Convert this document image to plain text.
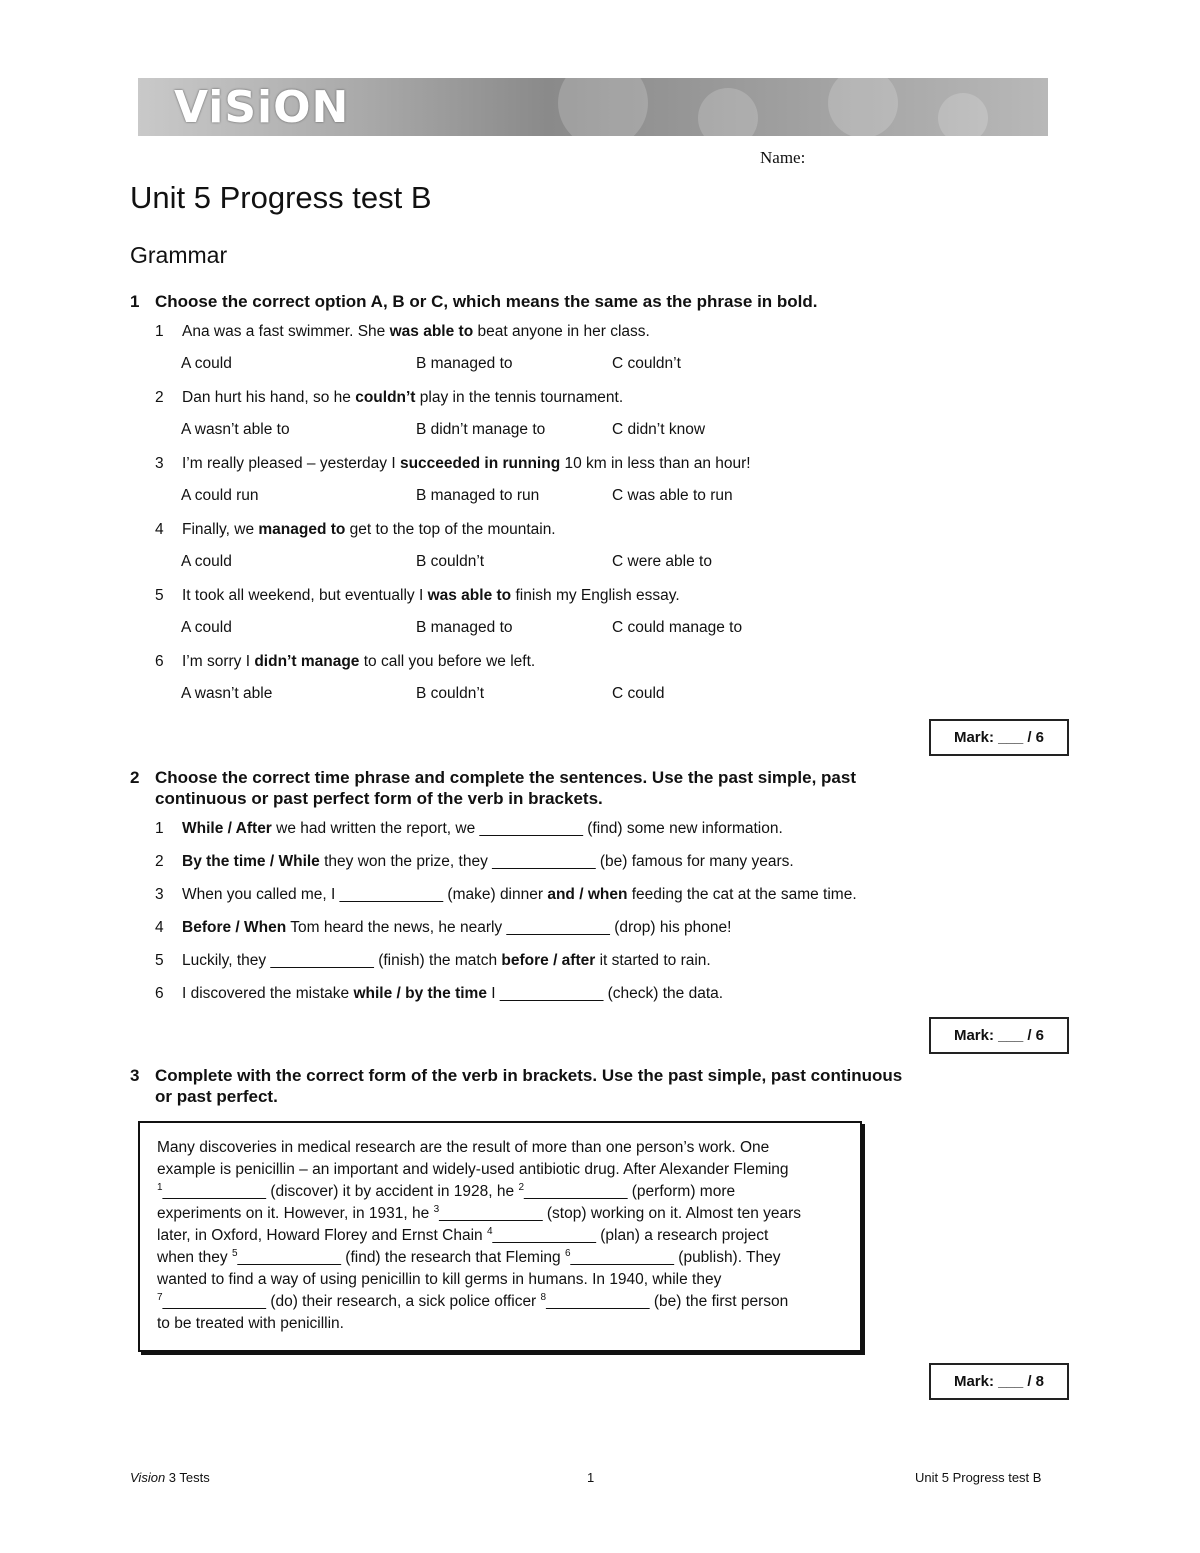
ViSiON
Name:
Unit 5 Progress test B
Grammar
1 Choose the correct option A, B or C, which means the same as the phrase in bold.
1 Ana was a fast swimmer. She was able to beat anyone in her class.
A could	B managed to	C couldn’t
2 Dan hurt his hand, so he couldn’t play in the tennis tournament.
A wasn’t able to	B didn’t manage to	C didn’t know
3 I’m really pleased – yesterday I succeeded in running 10 km in less than an hour!
A could run	B managed to run	C was able to run
4 Finally, we managed to get to the top of the mountain.
A could	B couldn’t	C were able to
5 It took all weekend, but eventually I was able to finish my English essay.
A could	B managed to	C could manage to
6 I’m sorry I didn’t manage to call you before we left.
A wasn’t able	B couldn’t	C could
Mark: ___ / 6
2 Choose the correct time phrase and complete the sentences. Use the past simple, past continuous or past perfect form of the verb in brackets.
1 While / After we had written the report, we ____________ (find) some new information.
2 By the time / While they won the prize, they ____________ (be) famous for many years.
3 When you called me, I ____________ (make) dinner and / when feeding the cat at the same time.
4 Before / When Tom heard the news, he nearly ____________ (drop) his phone!
5 Luckily, they ____________ (finish) the match before / after it started to rain.
6 I discovered the mistake while / by the time I ____________ (check) the data.
Mark: ___ / 6
3 Complete with the correct form of the verb in brackets. Use the past simple, past continuous or past perfect.
Many discoveries in medical research are the result of more than one person’s work. One
example is penicillin – an important and widely-used antibiotic drug. After Alexander Fleming
$^1$____________ (discover) it by accident in 1928, he $^2$____________ (perform) more
experiments on it. However, in 1931, he $^3$____________ (stop) working on it. Almost ten years
later, in Oxford, Howard Florey and Ernst Chain $^4$____________ (plan) a research project
when they $^5$____________ (find) the research that Fleming $^6$____________ (publish). They
wanted to find a way of using penicillin to kill germs in humans. In 1940, while they
$^7$____________ (do) their research, a sick police officer $^8$____________ (be) the first person
to be treated with penicillin.
Mark: ___ / 8
Vision 3 Tests	1	Unit 5 Progress test B
